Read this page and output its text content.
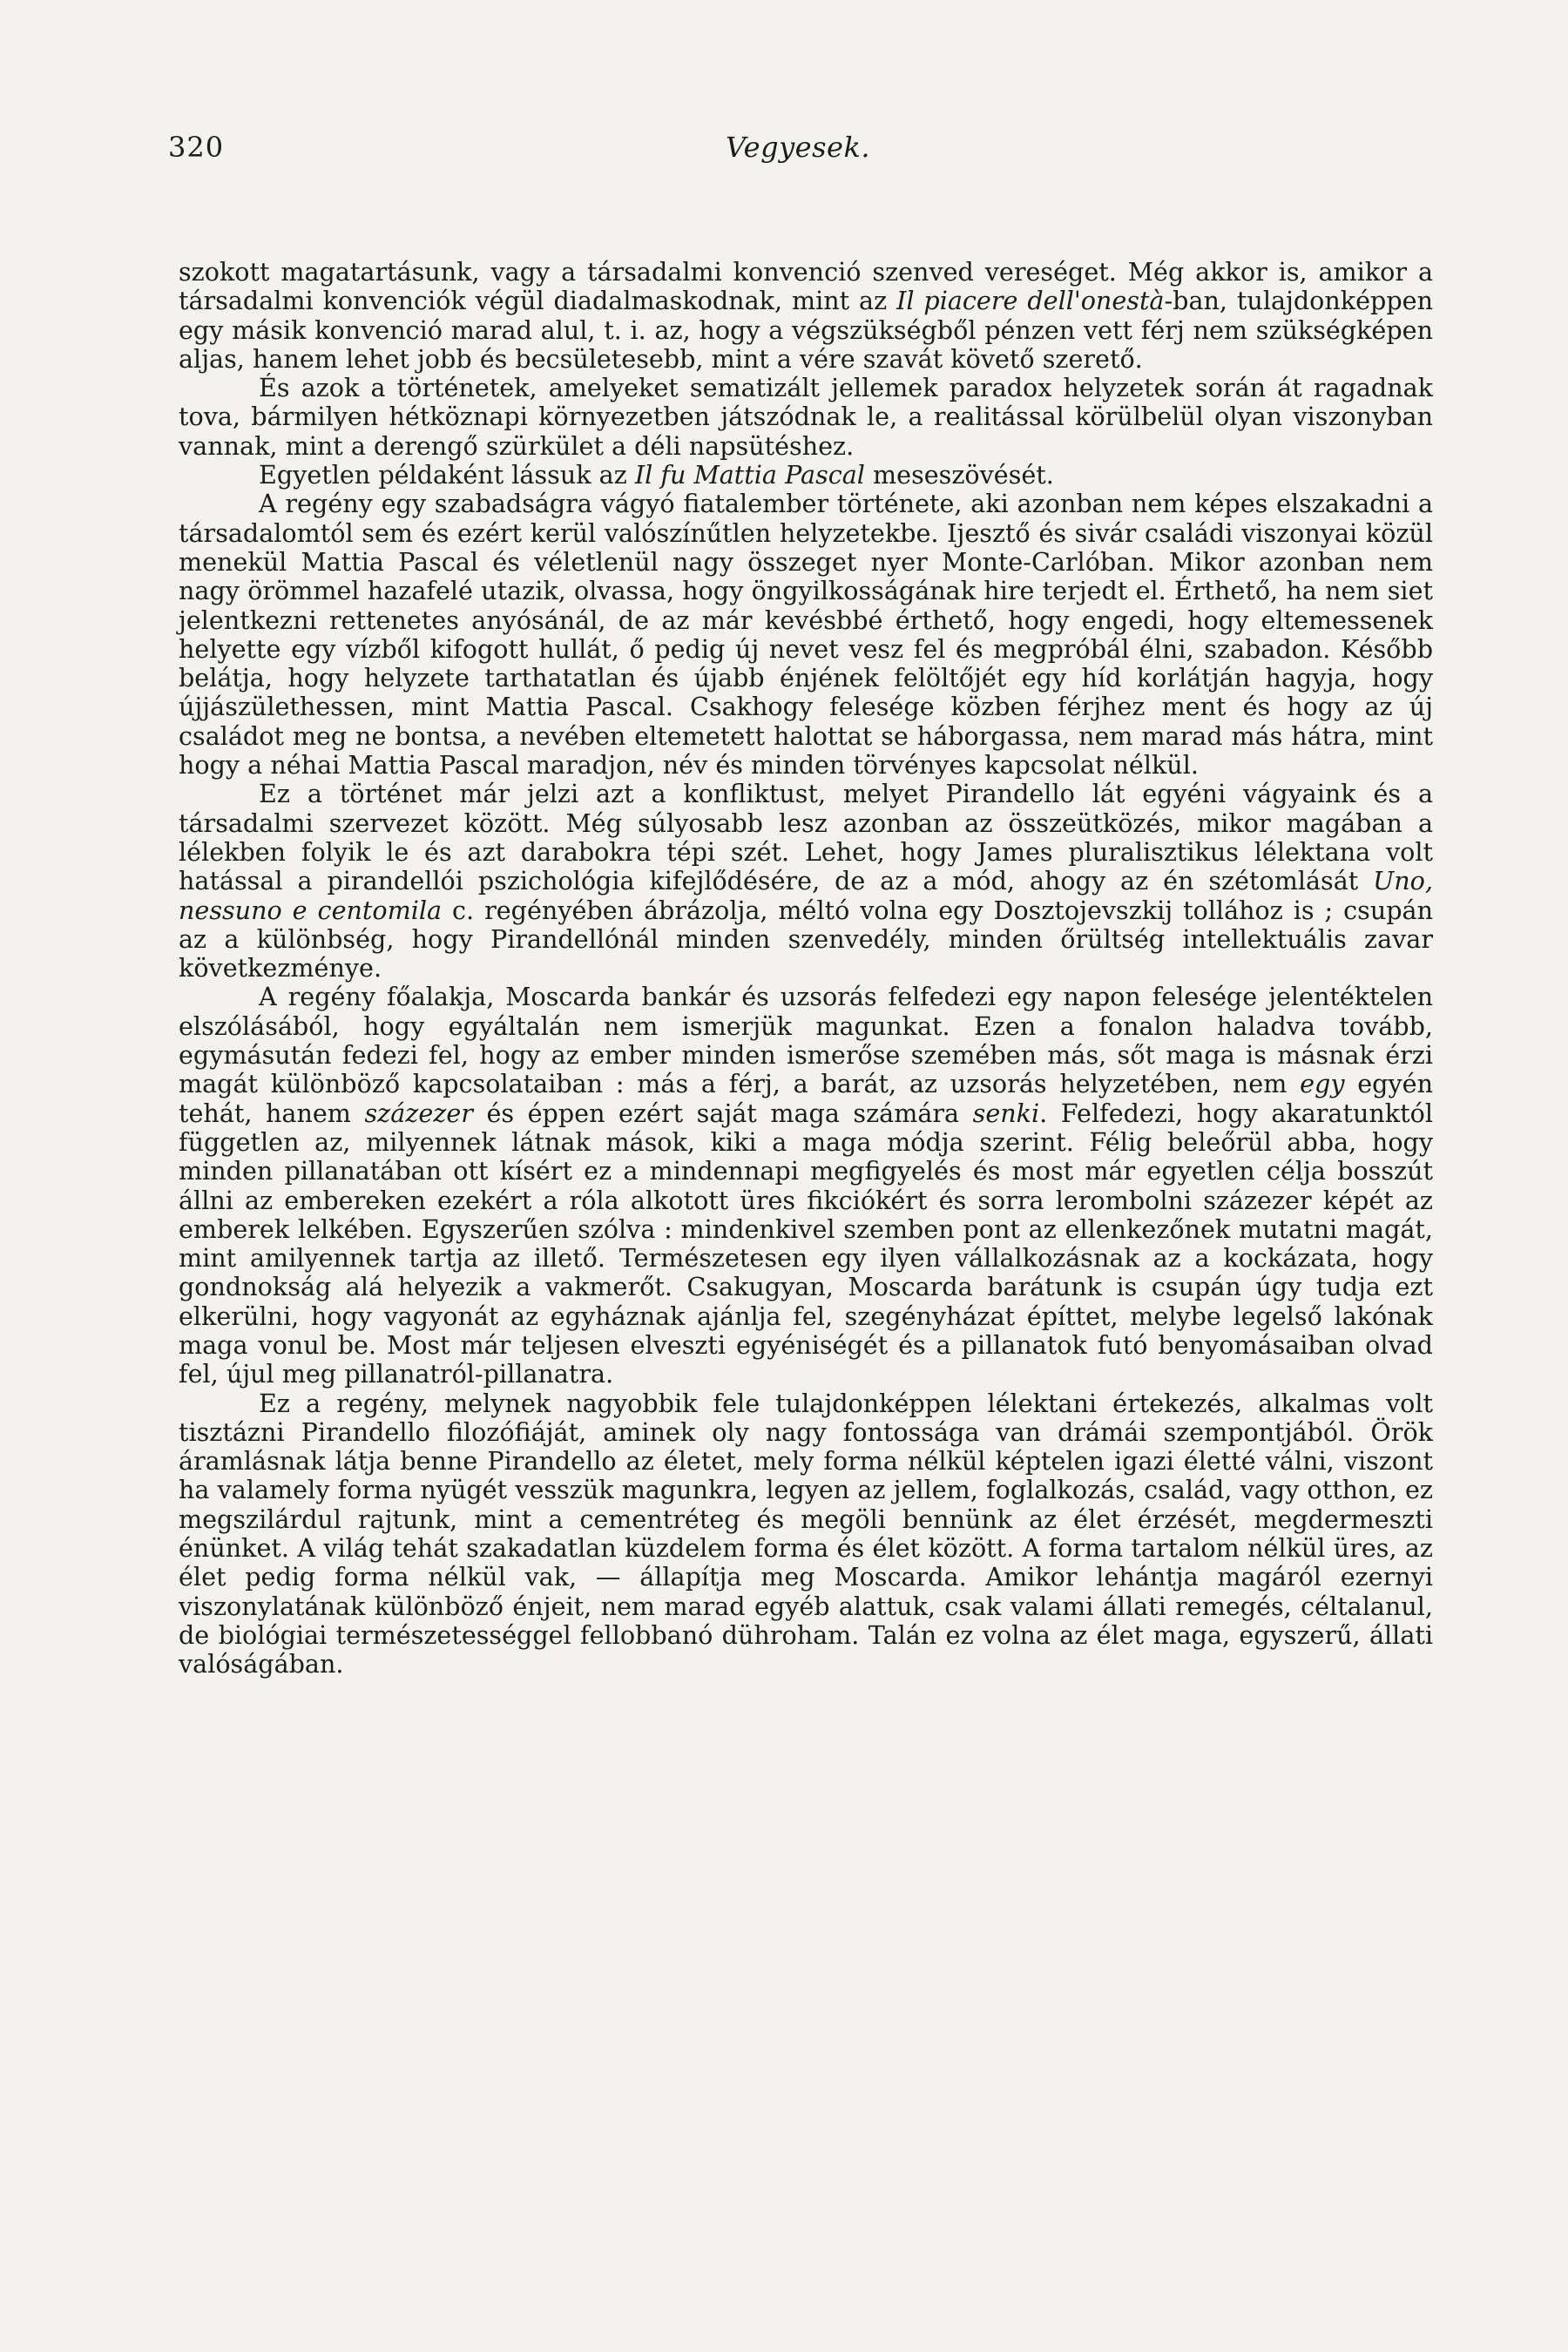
320	Vegyesek.

szokott magatartásunk, vagy a társadalmi konvenció szenved vereséget. Még akkor is, amikor a társadalmi konvenciók végül diadalmaskodnak, mint az Il piacere dell'onestà-ban, tulajdonképpen egy másik konvenció marad alul, t. i. az, hogy a végszükségből pénzen vett férj nem szükségképen aljas, hanem lehet jobb és becsületesebb, mint a vére szavát követő szerető.

És azok a történetek, amelyeket sematizált jellemek paradox helyzetek során át ragadnak tova, bármilyen hétköznapi környezetben játszódnak le, a realitással körülbelül olyan viszonyban vannak, mint a derengő szürkület a déli napsütéshez.

Egyetlen példaként lássuk az Il fu Mattia Pascal meseszövését.

A regény egy szabadságra vágyó fiatalember története, aki azonban nem képes elszakadni a társadalomtól sem és ezért kerül valószínűtlen helyzetekbe. Ijesztő és sivár családi viszonyai közül menekül Mattia Pascal és véletlenül nagy összeget nyer Monte-Carlóban. Mikor azonban nem nagy örömmel hazafelé utazik, olvassa, hogy öngyilkosságának hire terjedt el. Érthető, ha nem siet jelentkezni rettenetes anyósánál, de az már kevésbbé érthető, hogy engedi, hogy eltemessenek helyette egy vízből kifogott hullát, ő pedig új nevet vesz fel és megpróbál élni, szabadon. Később belátja, hogy helyzete tarthatatlan és újabb énjének felöltőjét egy híd korlátján hagyja, hogy újjászülethessen, mint Mattia Pascal. Csakhogy felesége közben férjhez ment és hogy az új családot meg ne bontsa, a nevében eltemetett halottat se háborgassa, nem marad más hátra, mint hogy a néhai Mattia Pascal maradjon, név és minden törvényes kapcsolat nélkül.

Ez a történet már jelzi azt a konfliktust, melyet Pirandello lát egyéni vágyaink és a társadalmi szervezet között. Még súlyosabb lesz azonban az összeütközés, mikor magában a lélekben folyik le és azt darabokra tépi szét. Lehet, hogy James pluralisztikus lélektana volt hatással a pirandellói pszichológia kifejlődésére, de az a mód, ahogy az én szétomlását Uno, nessuno e centomila c. regényében ábrázolja, méltó volna egy Dosztojevszkij tollához is ; csupán az a különbség, hogy Pirandellónál minden szenvedély, minden őrültség intellektuális zavar következménye.

A regény főalakja, Moscarda bankár és uzsorás felfedezi egy napon felesége jelentéktelen elszólásából, hogy egyáltalán nem ismerjük magunkat. Ezen a fonalon haladva tovább, egymásután fedezi fel, hogy az ember minden ismerőse szemében más, sőt maga is másnak érzi magát különböző kapcsolataiban : más a férj, a barát, az uzsorás helyzetében, nem egy egyén tehát, hanem százezer és éppen ezért saját maga számára senki. Felfedezi, hogy akaratunktól független az, milyennek látnak mások, kiki a maga módja szerint. Félig beleőrül abba, hogy minden pillanatában ott kísért ez a mindennapi megfigyelés és most már egyetlen célja bosszút állni az embereken ezekért a róla alkotott üres fikciókért és sorra lerombolni százezer képét az emberek lelkében. Egyszerűen szólva : mindenkivel szemben pont az ellenkezőnek mutatni magát, mint amilyennek tartja az illető. Természetesen egy ilyen vállalkozásnak az a kockázata, hogy gondnokság alá helyezik a vakmerőt. Csakugyan, Moscarda barátunk is csupán úgy tudja ezt elkerülni, hogy vagyonát az egyháznak ajánlja fel, szegényházat építtet, melybe legelső lakónak maga vonul be. Most már teljesen elveszti egyéniségét és a pillanatok futó benyomásaiban olvad fel, újul meg pillanatról-pillanatra.

Ez a regény, melynek nagyobbik fele tulajdonképpen lélektani értekezés, alkalmas volt tisztázni Pirandello filozófiáját, aminek oly nagy fontossága van drámái szempontjából. Örök áramlásnak látja benne Pirandello az életet, mely forma nélkül képtelen igazi életté válni, viszont ha valamely forma nyügét vesszük magunkra, legyen az jellem, foglalkozás, család, vagy otthon, ez megszilárdul rajtunk, mint a cementréteg és megöli bennünk az élet érzését, megdermeszti énünket. A világ tehát szakadatlan küzdelem forma és élet között. A forma tartalom nélkül üres, az élet pedig forma nélkül vak, — állapítja meg Moscarda. Amikor lehántja magáról ezernyi viszonylatának különböző énjeit, nem marad egyéb alattuk, csak valami állati remegés, céltalanul, de biológiai természetességgel fellobbanó dühroham. Talán ez volna az élet maga, egyszerű, állati valóságában.
